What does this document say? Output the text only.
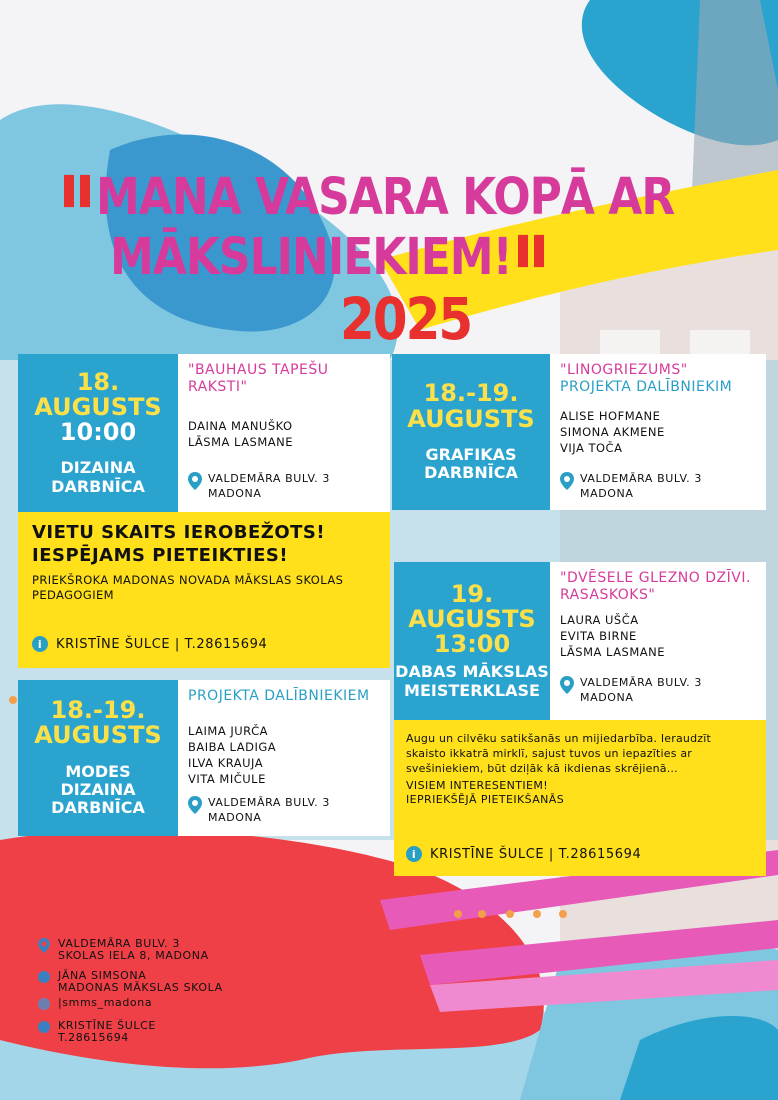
MANA VASARA KOPĀ AR
MĀKSLINIEKIEM!
2025
18. AUGUSTS
10:00
DIZAINA DARBNĪCA
"BAUHAUS TAPEŠU RAKSTI"
DAINA MANUŠKO
LĀSMA LASMANE
VALDEMĀRA BULV. 3
MADONA
18.-19. AUGUSTS
GRAFIKAS DARBNĪCA
"LINOGRIEZUMS"
PROJEKTA DALĪBNIEKIM
ALISE HOFMANE
SIMONA AKMENE
VIJA TOČA
VALDEMĀRA BULV. 3
MADONA
VIETU SKAITS IEROBEŽOTS!
IESPĒJAMS PIETEIKTIES!
PRIEKŠROKA MADONAS NOVADA MĀKSLAS SKOLAS PEDAGOGIEM
i	KRISTĪNE ŠULCE | T.28615694
19. AUGUSTS
13:00
DABAS MĀKSLAS MEISTERKLASE
"DVĒSELE GLEZNO DZĪVI. RASASKOKS"
LAURA UŠČA
EVITA BIRNE
LĀSMA LASMANE
VALDEMĀRA BULV. 3
MADONA
Augu un cilvēku satikšanās un mijiedarbība. Ieraudzīt skaisto ikkatrā mirklī, sajust tuvos un iepazīties ar svešiniekiem, būt dziļāk kā ikdienas skrējienā...
VISIEM INTERESENTIEM!
IEPRIEKŠĒJĀ PIETEIKŠANĀS
i	KRISTĪNE ŠULCE | T.28615694
18.-19. AUGUSTS
MODES DIZAINA DARBNĪCA
PROJEKTA DALĪBNIEKIEM
LAIMA JURČA
BAIBA LADIGA
ILVA KRAUJA
VITA MIČULE
VALDEMĀRA BULV. 3
MADONA
VALDEMĀRA BULV. 3
SKOLAS IELA 8, MADONA
JĀNA SIMSONA
MADONAS MĀKSLAS SKOLA
|smms_madona
KRISTĪNE ŠULCE
T.28615694
